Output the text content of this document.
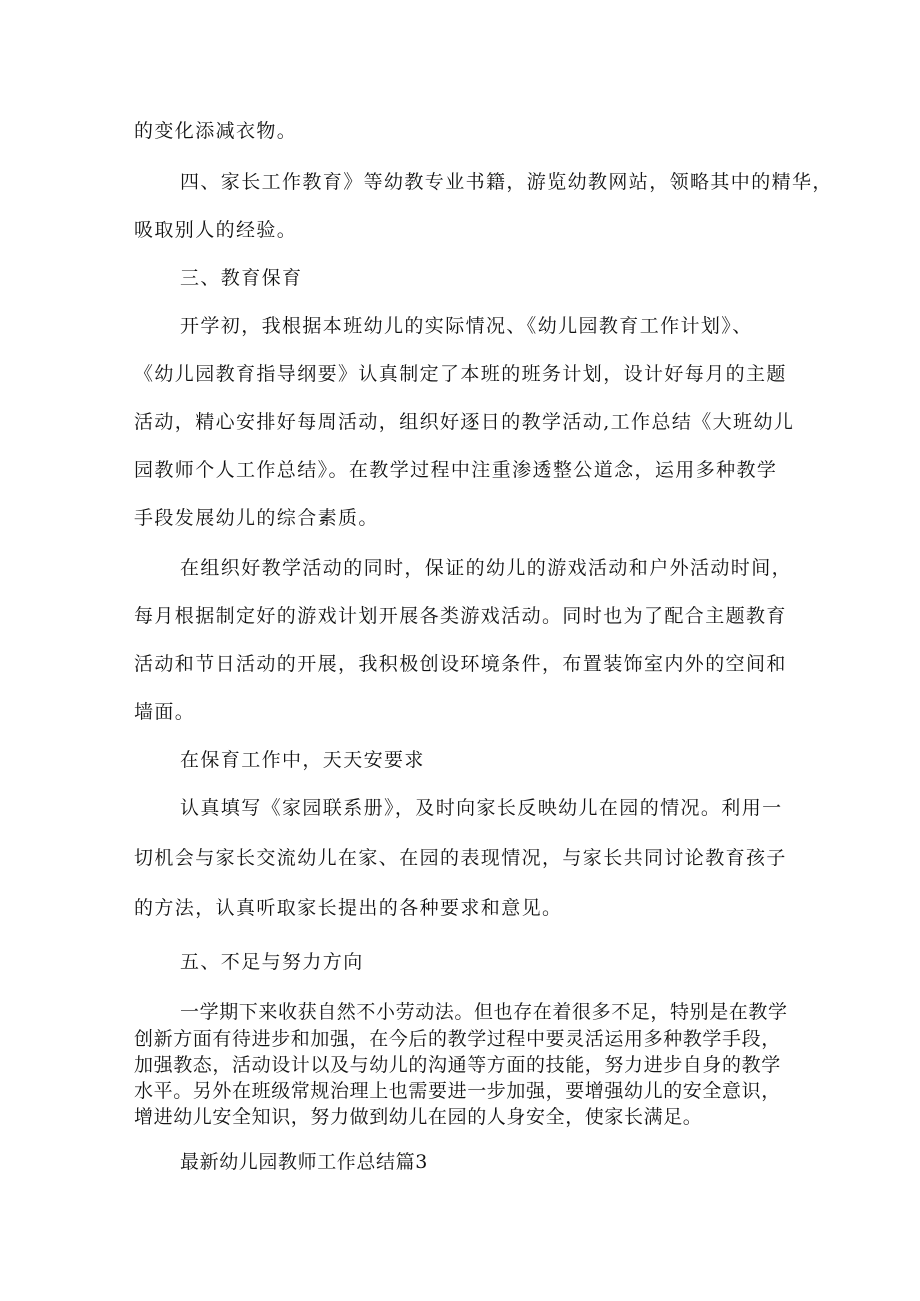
的变化添减衣物。
四、家长工作教育》等幼教专业书籍，游览幼教网站，领略其中的精华，
吸取别人的经验。
三、教育保育
开学初，我根据本班幼儿的实际情况、《幼儿园教育工作计划》、
《幼儿园教育指导纲要》认真制定了本班的班务计划，设计好每月的主题
活动，精心安排好每周活动，组织好逐日的教学活动,工作总结《大班幼儿
园教师个人工作总结》。在教学过程中注重渗透整公道念，运用多种教学
手段发展幼儿的综合素质。
在组织好教学活动的同时，保证的幼儿的游戏活动和户外活动时间，
每月根据制定好的游戏计划开展各类游戏活动。同时也为了配合主题教育
活动和节日活动的开展，我积极创设环境条件，布置装饰室内外的空间和
墙面。
在保育工作中，天天安要求
认真填写《家园联系册》，及时向家长反映幼儿在园的情况。利用一
切机会与家长交流幼儿在家、在园的表现情况，与家长共同讨论教育孩子
的方法，认真听取家长提出的各种要求和意见。
五、不足与努力方向
一学期下来收获自然不小劳动法。但也存在着很多不足，特别是在教学
创新方面有待进步和加强，在今后的教学过程中要灵活运用多种教学手段，
加强教态，活动设计以及与幼儿的沟通等方面的技能，努力进步自身的教学
水平。另外在班级常规治理上也需要进一步加强，要增强幼儿的安全意识，
增进幼儿安全知识，努力做到幼儿在园的人身安全，使家长满足。
最新幼儿园教师工作总结篇3
